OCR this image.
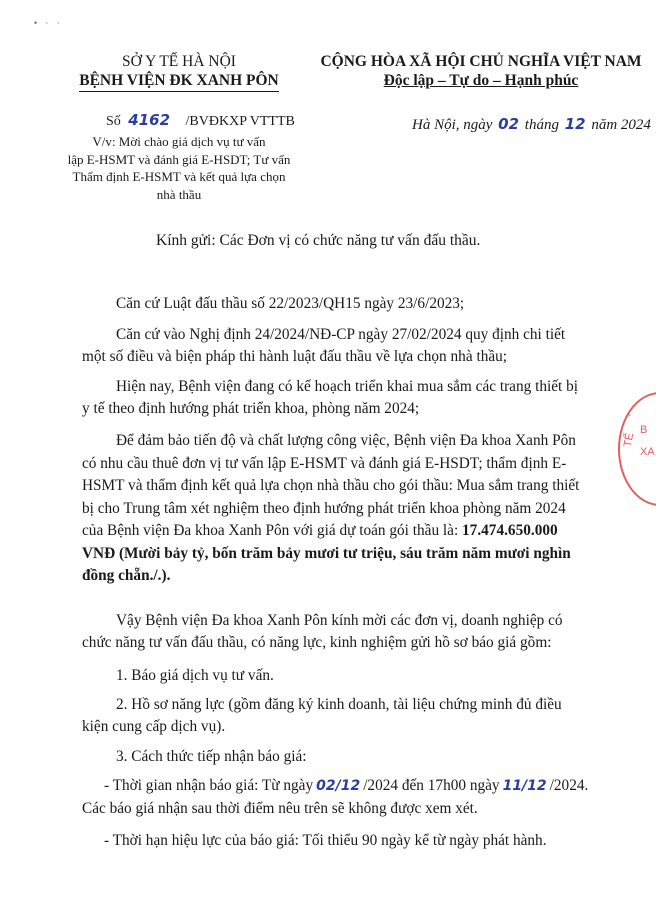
• · ·
SỞ Y TẾ HÀ NỘI
BỆNH VIỆN ĐK XANH PÔN
CỘNG HÒA XÃ HỘI CHỦ NGHĨA VIỆT NAM
Độc lập – Tự do – Hạnh phúc
Số 4162 /BVĐKXP VTTTB
V/v: Mời chào giá dịch vụ tư vấn
lập E-HSMT và đánh giá E-HSDT; Tư vấn
Thẩm định E-HSMT và kết quả lựa chọn
nhà thầu
Hà Nội, ngày 02 tháng 12 năm 2024
Kính gửi: Các Đơn vị có chức năng tư vấn đấu thầu.
Căn cứ Luật đấu thầu số 22/2023/QH15 ngày 23/6/2023;
Căn cứ vào Nghị định 24/2024/NĐ-CP ngày 27/02/2024 quy định chi tiết
một số điều và biện pháp thi hành luật đấu thầu về lựa chọn nhà thầu;
Hiện nay, Bệnh viện đang có kế hoạch triển khai mua sắm các trang thiết bị
y tế theo định hướng phát triển khoa, phòng năm 2024;
Để đảm bảo tiến độ và chất lượng công việc, Bệnh viện Đa khoa Xanh Pôn
có nhu cầu thuê đơn vị tư vấn lập E-HSMT và đánh giá E-HSDT; thẩm định E-
HSMT và thẩm định kết quả lựa chọn nhà thầu cho gói thầu: Mua sắm trang thiết
bị cho Trung tâm xét nghiệm theo định hướng phát triển khoa phòng năm 2024
của Bệnh viện Đa khoa Xanh Pôn với giá dự toán gói thầu là: 17.474.650.000
VNĐ (Mười bảy tỷ, bốn trăm bảy mươi tư triệu, sáu trăm năm mươi nghìn
đồng chẵn./.).
Vậy Bệnh viện Đa khoa Xanh Pôn kính mời các đơn vị, doanh nghiệp có
chức năng tư vấn đấu thầu, có năng lực, kinh nghiệm gửi hồ sơ báo giá gồm:
1. Báo giá dịch vụ tư vấn.
2. Hồ sơ năng lực (gồm đăng ký kinh doanh, tài liệu chứng minh đủ điều
kiện cung cấp dịch vụ).
3. Cách thức tiếp nhận báo giá:
- Thời gian nhận báo giá: Từ ngày 02/12 /2024 đến 17h00 ngày 11/12 /2024.
Các báo giá nhận sau thời điểm nêu trên sẽ không được xem xét.
- Thời hạn hiệu lực của báo giá: Tối thiểu 90 ngày kể từ ngày phát hành.
Y
TẾ
B
XA
